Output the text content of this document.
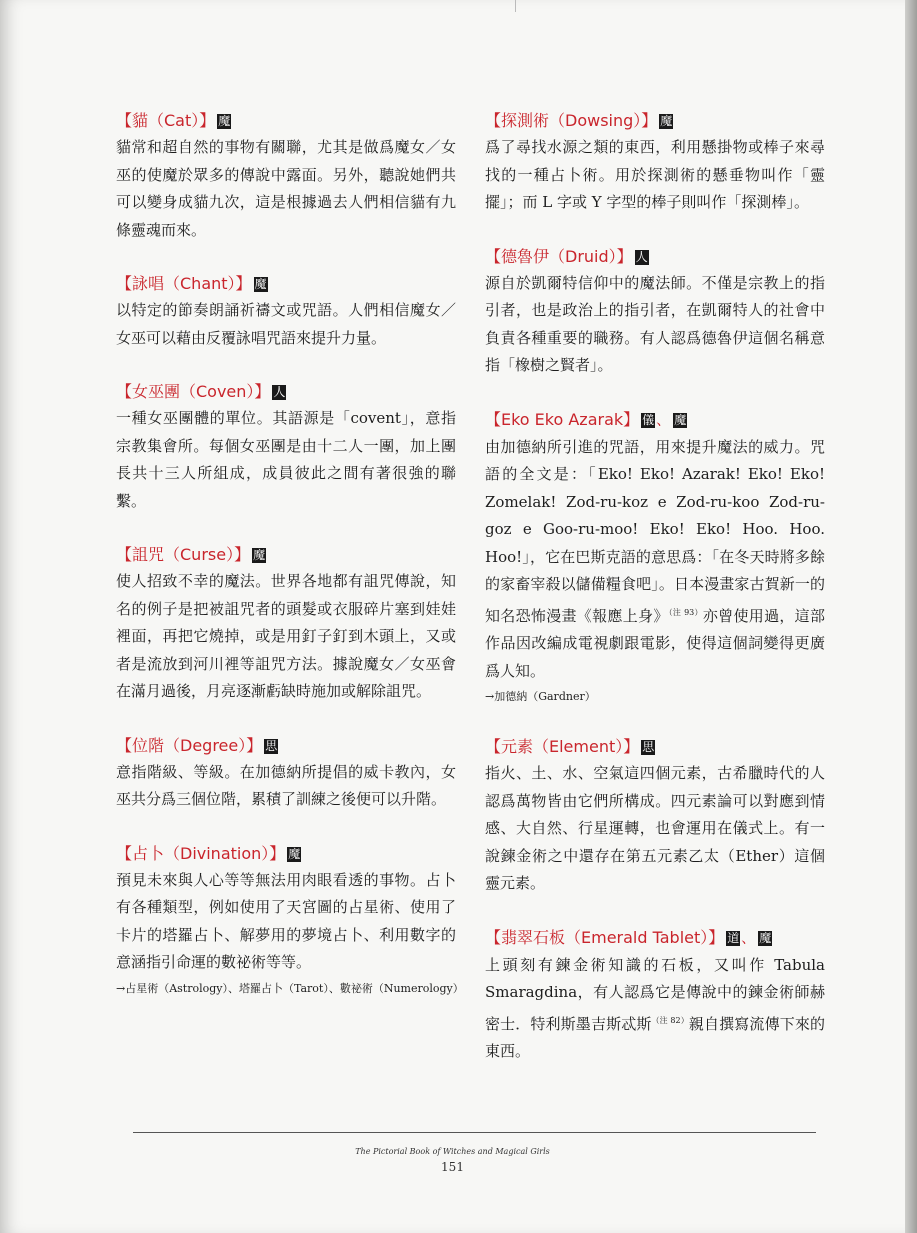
【貓（Cat）】 魔
貓常和超自然的事物有關聯，尤其是做爲魔女／女巫的使魔於眾多的傳說中露面。另外，聽說她們共可以變身成貓九次，這是根據過去人們相信貓有九條靈魂而來。
【詠唱（Chant）】 魔
以特定的節奏朗誦祈禱文或咒語。人們相信魔女／女巫可以藉由反覆詠唱咒語來提升力量。
【女巫團（Coven）】 人
一種女巫團體的單位。其語源是「covent」，意指宗教集會所。每個女巫團是由十二人一團，加上團長共十三人所組成，成員彼此之間有著很強的聯繫。
【詛咒（Curse）】 魔
使人招致不幸的魔法。世界各地都有詛咒傳說，知名的例子是把被詛咒者的頭髮或衣服碎片塞到娃娃裡面，再把它燒掉，或是用釘子釘到木頭上，又或者是流放到河川裡等詛咒方法。據說魔女／女巫會在滿月過後，月亮逐漸虧缺時施加或解除詛咒。
【位階（Degree）】 思
意指階級、等級。在加德納所提倡的威卡教內，女巫共分爲三個位階，累積了訓練之後便可以升階。
【占卜（Divination）】 魔
預見未來與人心等等無法用肉眼看透的事物。占卜有各種類型，例如使用了天宮圖的占星術、使用了卡片的塔羅占卜、解夢用的夢境占卜、利用數字的意涵指引命運的數祕術等等。
→占星術（Astrology）、塔羅占卜（Tarot）、數祕術（Numerology）
【探測術（Dowsing）】 魔
爲了尋找水源之類的東西，利用懸掛物或棒子來尋找的一種占卜術。用於探測術的懸垂物叫作「靈擺」；而 L 字或 Y 字型的棒子則叫作「探測棒」。
【德魯伊（Druid）】 人
源自於凱爾特信仰中的魔法師。不僅是宗教上的指引者，也是政治上的指引者，在凱爾特人的社會中負責各種重要的職務。有人認爲德魯伊這個名稱意指「橡樹之賢者」。
【Eko Eko Azarak】 儀 、 魔
由加德納所引進的咒語，用來提升魔法的威力。咒語的全文是：「Eko! Eko! Azarak! Eko! Eko! Zomelak! Zod-ru-koz e Zod-ru-koo Zod-ru-goz e Goo-ru-moo! Eko! Eko! Hoo. Hoo. Hoo!」，它在巴斯克語的意思爲：「在冬天時將多餘的家畜宰殺以儲備糧食吧」。日本漫畫家古賀新一的知名恐怖漫畫《報應上身》$^{(注 93)}$亦曾使用過，這部作品因改編成電視劇跟電影，使得這個詞變得更廣爲人知。
→加德納（Gardner）
【元素（Element）】 思
指火、土、水、空氣這四個元素，古希臘時代的人認爲萬物皆由它們所構成。四元素論可以對應到情感、大自然、行星運轉，也會運用在儀式上。有一說鍊金術之中還存在第五元素乙太（Ether）這個靈元素。
【翡翠石板（Emerald Tablet）】 道 、 魔
上頭刻有鍊金術知識的石板，又叫作 Tabula Smaragdina，有人認爲它是傳說中的鍊金術師赫密士．特利斯墨吉斯忒斯$^{(注 82)}$親自撰寫流傳下來的東西。
The Pictorial Book of Witches and Magical Girls
151
